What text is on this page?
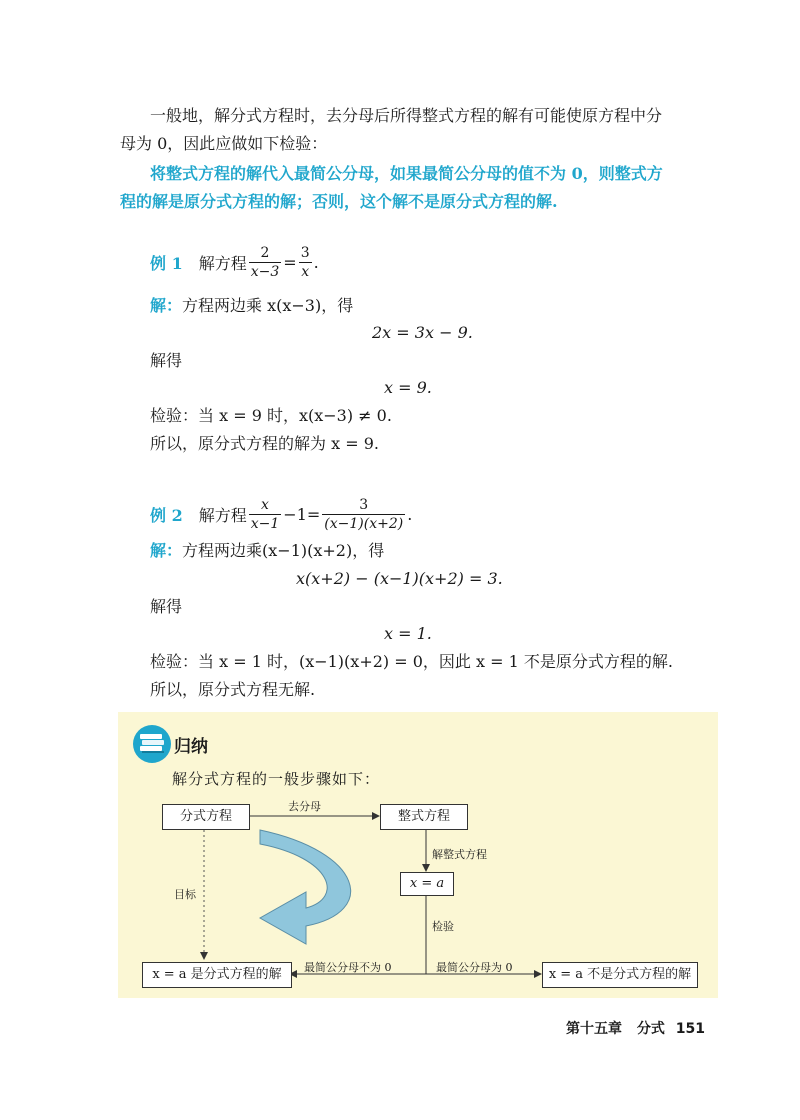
一般地，解分式方程时，去分母后所得整式方程的解有可能使原方程中分
母为 0，因此应做如下检验：
将整式方程的解代入最简公分母，如果最简公分母的值不为 0，则整式方
程的解是原分式方程的解；否则，这个解不是原分式方程的解.
例 1 解方程 $\frac{2}{x-3} = \frac{3}{x}$ .
解：方程两边乘 x(x−3)，得
2x = 3x − 9.
解得
x = 9.
检验：当 x = 9 时，x(x−3) ≠ 0.
所以，原分式方程的解为 x = 9.
例 2 解方程 $\frac{x}{x-1} -1= \frac{3}{(x-1)(x+2)}$ .
解：方程两边乘(x−1)(x+2)，得
x(x+2) − (x−1)(x+2) = 3.
解得
x = 1.
检验：当 x = 1 时，(x−1)(x+2) = 0，因此 x = 1 不是原分式方程的解.
所以，原分式方程无解.
归纳
解分式方程的一般步骤如下：
分式方程	整式方程
x = a
x = a 是分式方程的解	x = a 不是分式方程的解
去分母
解整式方程
检验
目标
最简公分母不为 0	最简公分母为 0
第十五章 分式 151
